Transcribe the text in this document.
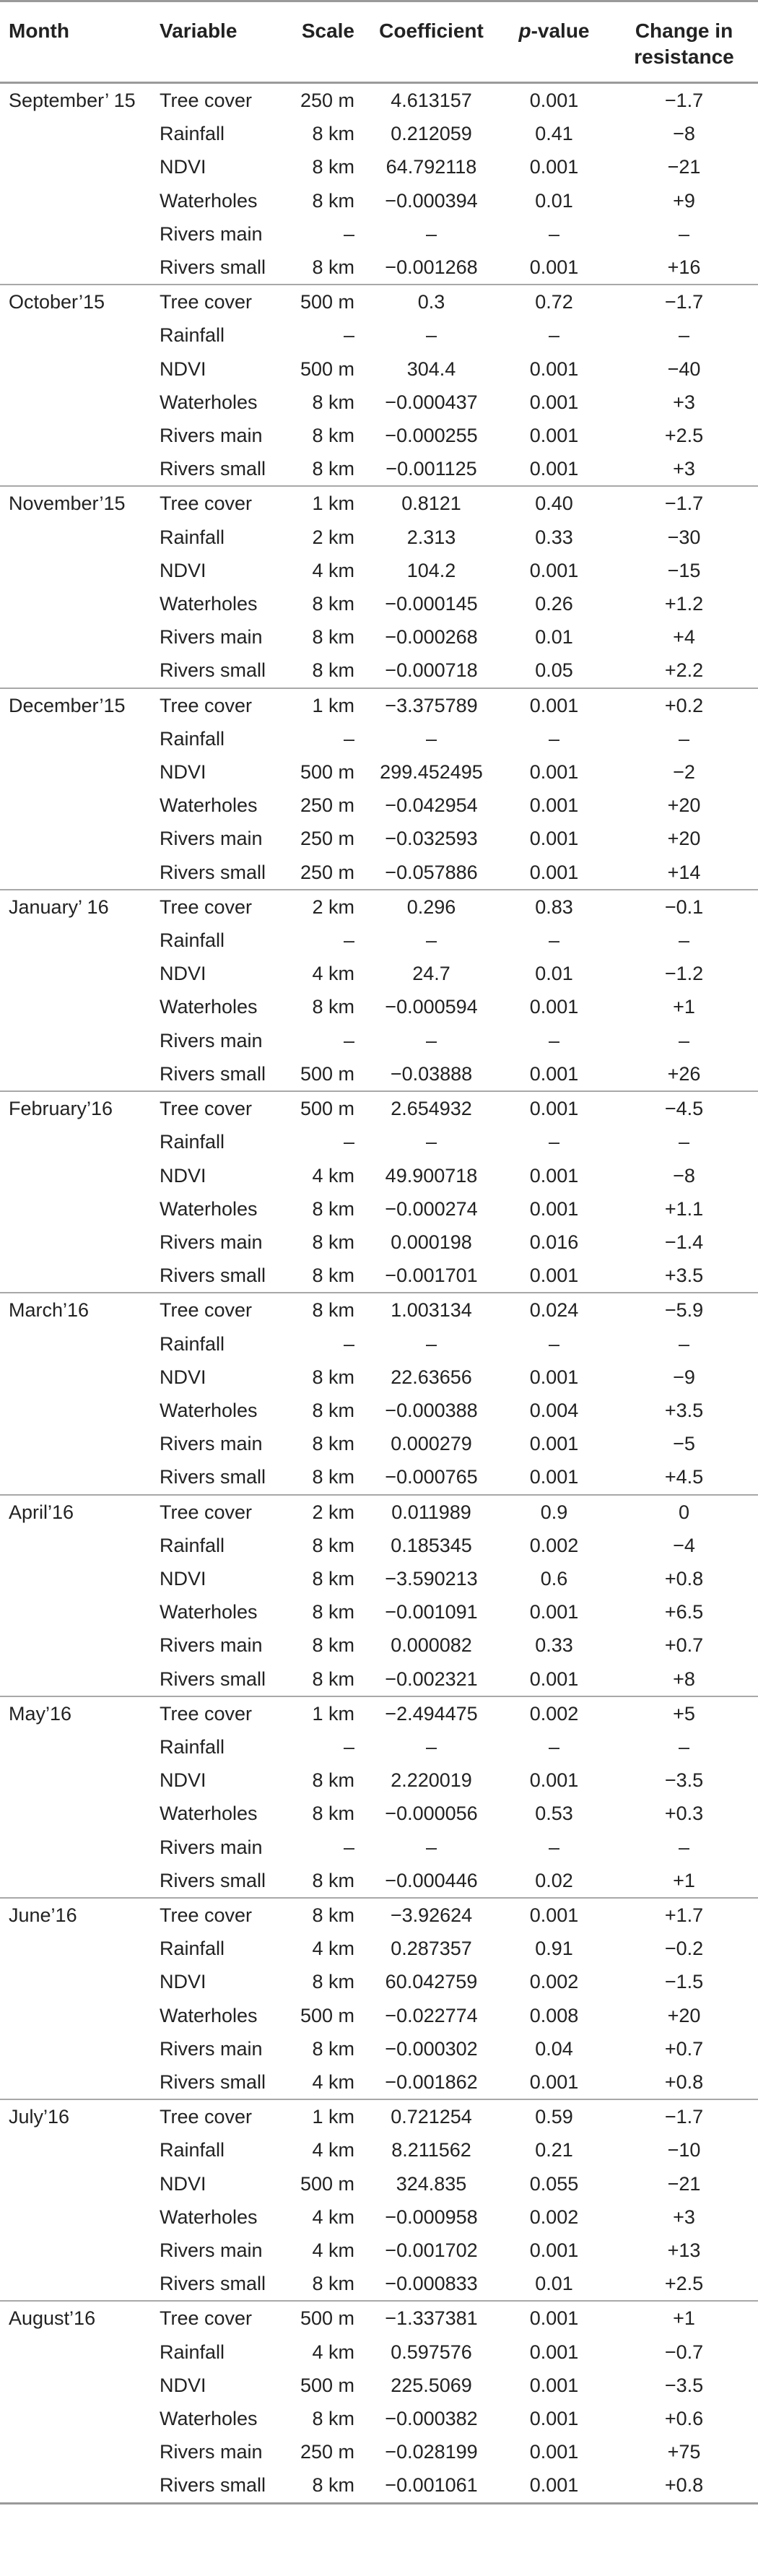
Month	Variable	Scale	Coefficient	p-value	Change in
resistance
September’ 15	Tree cover	250 m	4.613157	0.001	−1.7
	Rainfall	8 km	0.212059	0.41	−8
	NDVI	8 km	64.792118	0.001	−21
	Waterholes	8 km	−0.000394	0.01	+9
	Rivers main	–	–	–	–
	Rivers small	8 km	−0.001268	0.001	+16
October’15	Tree cover	500 m	0.3	0.72	−1.7
	Rainfall	–	–	–	–
	NDVI	500 m	304.4	0.001	−40
	Waterholes	8 km	−0.000437	0.001	+3
	Rivers main	8 km	−0.000255	0.001	+2.5
	Rivers small	8 km	−0.001125	0.001	+3
November’15	Tree cover	1 km	0.8121	0.40	−1.7
	Rainfall	2 km	2.313	0.33	−30
	NDVI	4 km	104.2	0.001	−15
	Waterholes	8 km	−0.000145	0.26	+1.2
	Rivers main	8 km	−0.000268	0.01	+4
	Rivers small	8 km	−0.000718	0.05	+2.2
December’15	Tree cover	1 km	−3.375789	0.001	+0.2
	Rainfall	–	–	–	–
	NDVI	500 m	299.452495	0.001	−2
	Waterholes	250 m	−0.042954	0.001	+20
	Rivers main	250 m	−0.032593	0.001	+20
	Rivers small	250 m	−0.057886	0.001	+14
January’ 16	Tree cover	2 km	0.296	0.83	−0.1
	Rainfall	–	–	–	–
	NDVI	4 km	24.7	0.01	−1.2
	Waterholes	8 km	−0.000594	0.001	+1
	Rivers main	–	–	–	–
	Rivers small	500 m	−0.03888	0.001	+26
February’16	Tree cover	500 m	2.654932	0.001	−4.5
	Rainfall	–	–	–	–
	NDVI	4 km	49.900718	0.001	−8
	Waterholes	8 km	−0.000274	0.001	+1.1
	Rivers main	8 km	0.000198	0.016	−1.4
	Rivers small	8 km	−0.001701	0.001	+3.5
March’16	Tree cover	8 km	1.003134	0.024	−5.9
	Rainfall	–	–	–	–
	NDVI	8 km	22.63656	0.001	−9
	Waterholes	8 km	−0.000388	0.004	+3.5
	Rivers main	8 km	0.000279	0.001	−5
	Rivers small	8 km	−0.000765	0.001	+4.5
April’16	Tree cover	2 km	0.011989	0.9	0
	Rainfall	8 km	0.185345	0.002	−4
	NDVI	8 km	−3.590213	0.6	+0.8
	Waterholes	8 km	−0.001091	0.001	+6.5
	Rivers main	8 km	0.000082	0.33	+0.7
	Rivers small	8 km	−0.002321	0.001	+8
May’16	Tree cover	1 km	−2.494475	0.002	+5
	Rainfall	–	–	–	–
	NDVI	8 km	2.220019	0.001	−3.5
	Waterholes	8 km	−0.000056	0.53	+0.3
	Rivers main	–	–	–	–
	Rivers small	8 km	−0.000446	0.02	+1
June’16	Tree cover	8 km	−3.92624	0.001	+1.7
	Rainfall	4 km	0.287357	0.91	−0.2
	NDVI	8 km	60.042759	0.002	−1.5
	Waterholes	500 m	−0.022774	0.008	+20
	Rivers main	8 km	−0.000302	0.04	+0.7
	Rivers small	4 km	−0.001862	0.001	+0.8
July’16	Tree cover	1 km	0.721254	0.59	−1.7
	Rainfall	4 km	8.211562	0.21	−10
	NDVI	500 m	324.835	0.055	−21
	Waterholes	4 km	−0.000958	0.002	+3
	Rivers main	4 km	−0.001702	0.001	+13
	Rivers small	8 km	−0.000833	0.01	+2.5
August’16	Tree cover	500 m	−1.337381	0.001	+1
	Rainfall	4 km	0.597576	0.001	−0.7
	NDVI	500 m	225.5069	0.001	−3.5
	Waterholes	8 km	−0.000382	0.001	+0.6
	Rivers main	250 m	−0.028199	0.001	+75
	Rivers small	8 km	−0.001061	0.001	+0.8
